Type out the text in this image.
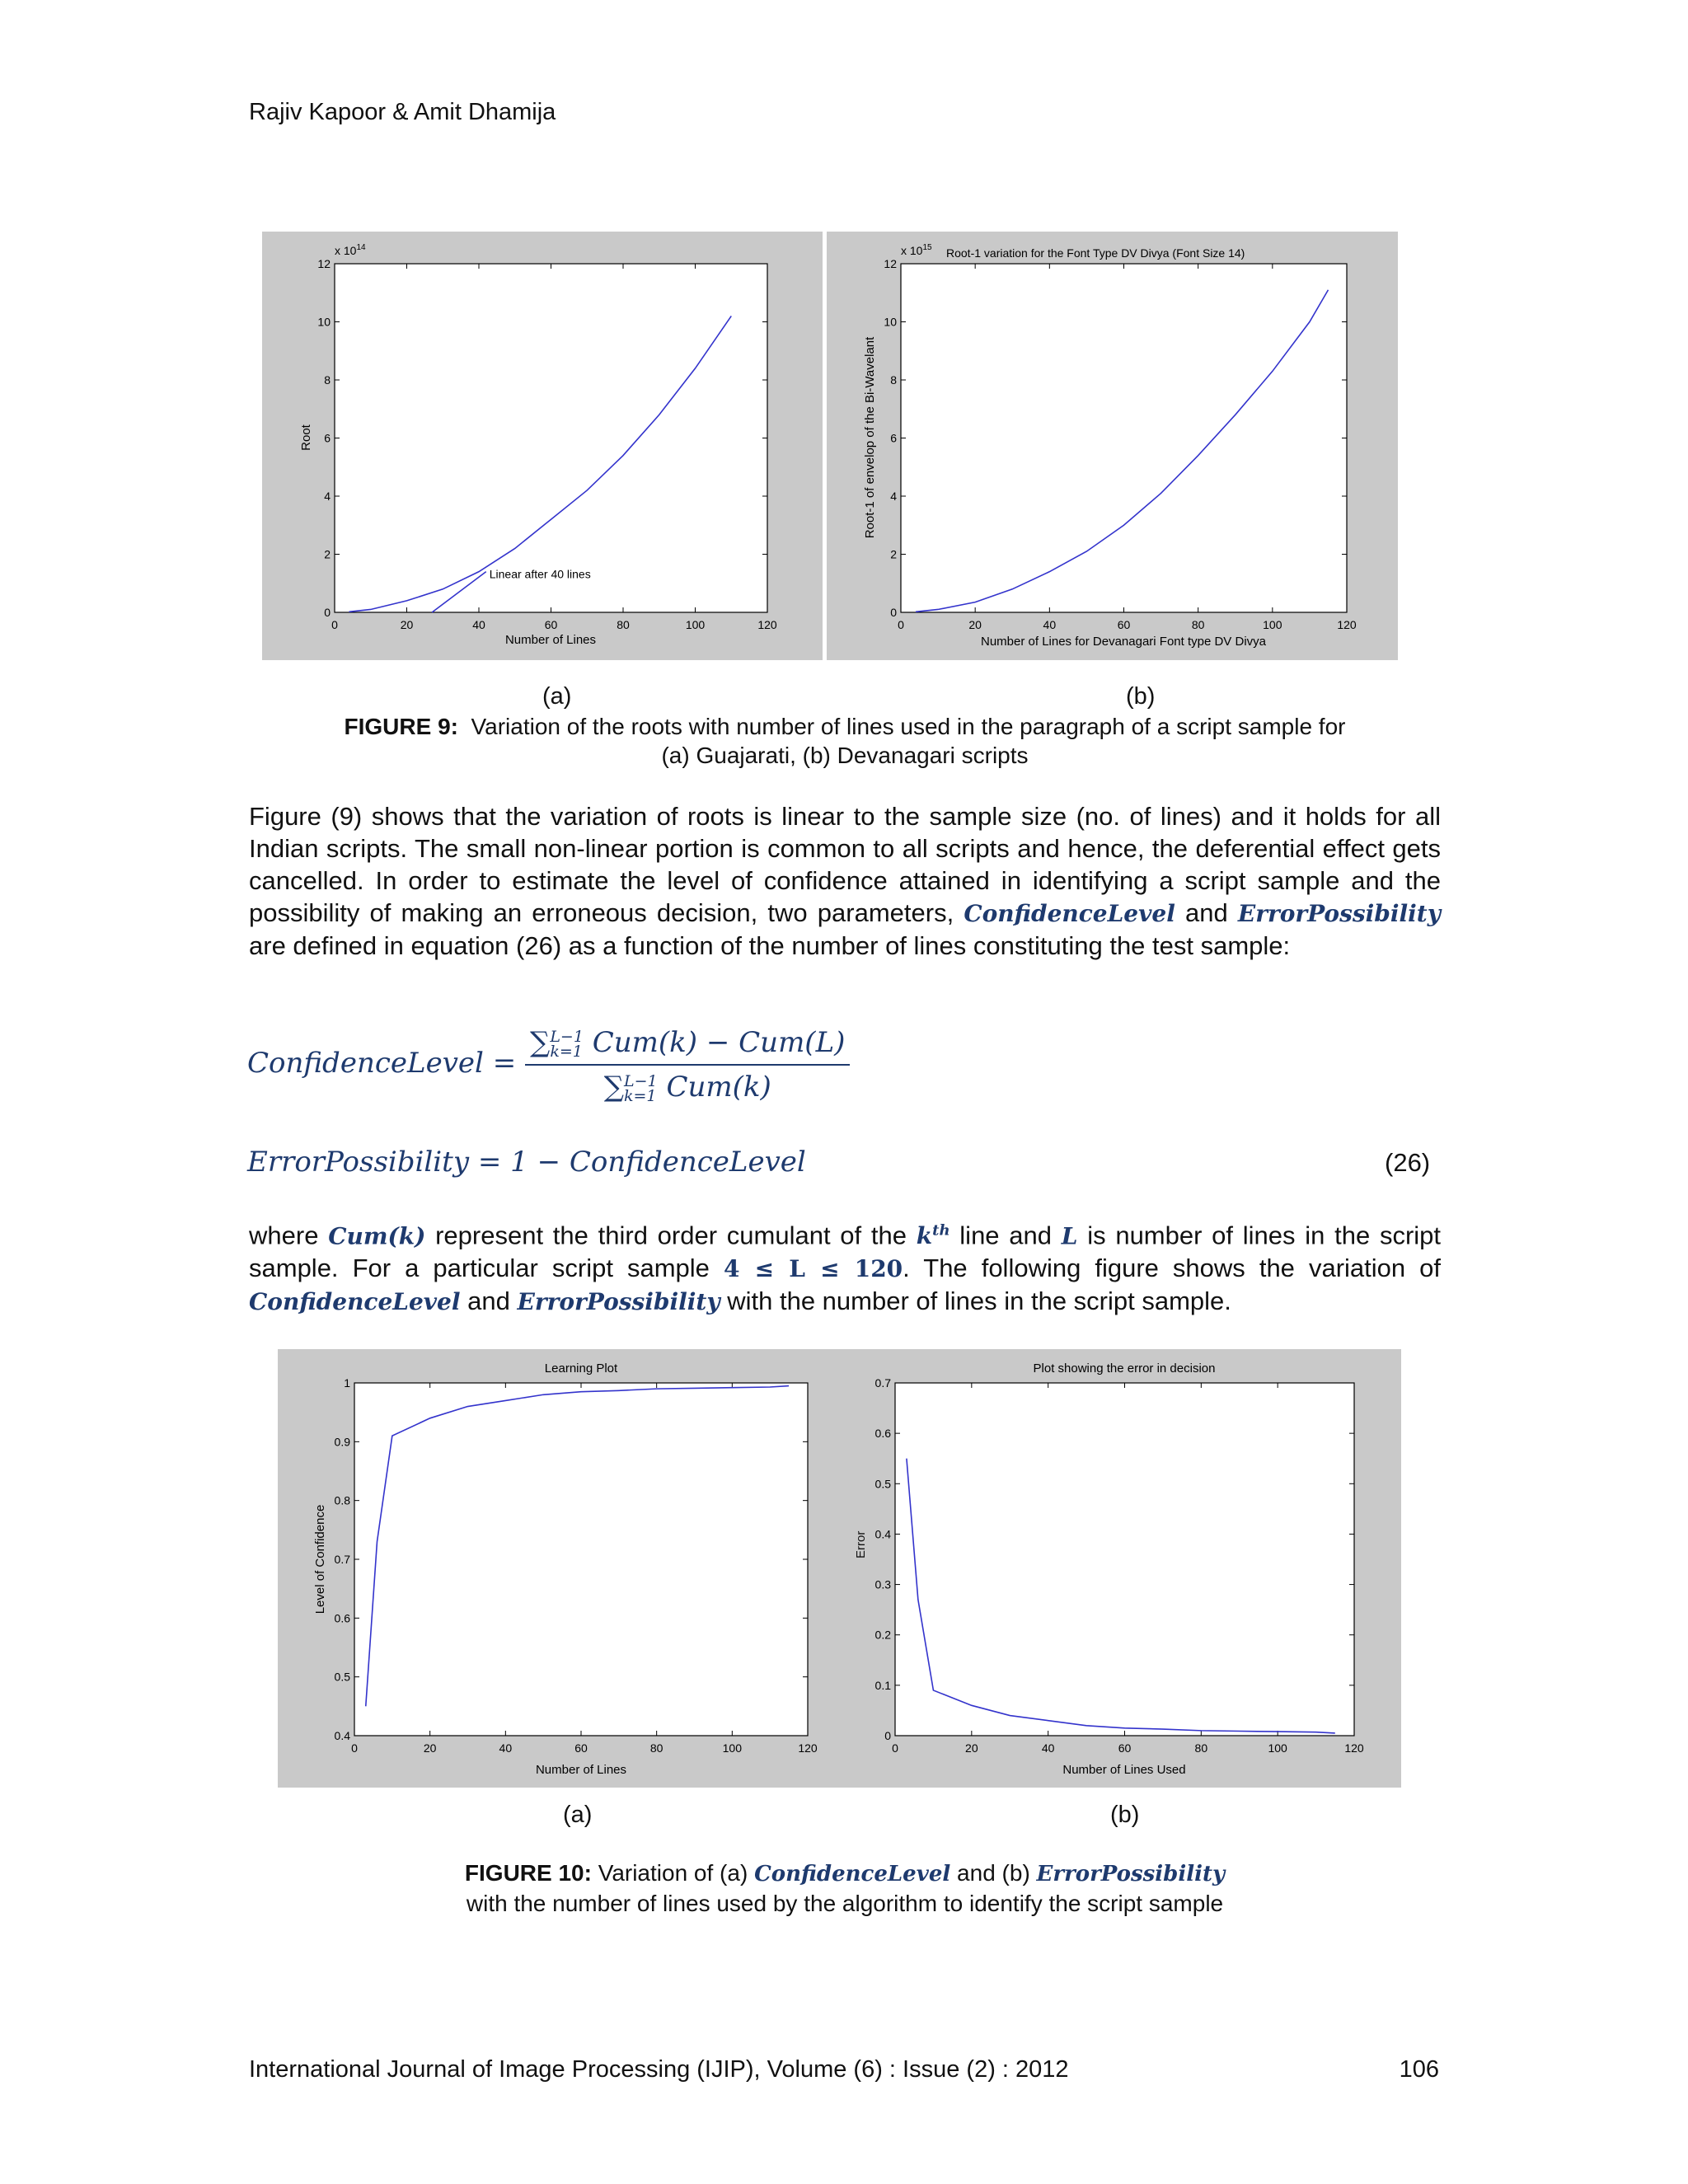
Rajiv Kapoor & Amit Dhamija
x $10^{14}$
0	20	40	60	80	100	120
0
2
4
6
8
10
12
Number of Lines
Root
Linear after 40 lines
x $10^{15}$ Root-1 variation for the Font Type DV Divya (Font Size 14)
0	20	40	60	80	100	120
0
2
4
6
8
10
12
Number of Lines for Devanagari Font type DV Divya
Root-1 of envelop of the Bi-Wavelant
(a)	(b)
FIGURE 9: Variation of the roots with number of lines used in the paragraph of a script sample for
(a) Guajarati, (b) Devanagari scripts
Figure (9) shows that the variation of roots is linear to the sample size (no. of lines) and it holds for all Indian scripts. The small non-linear portion is common to all scripts and hence, the deferential effect gets cancelled. In order to estimate the level of confidence attained in identifying a script sample and the possibility of making an erroneous decision, two parameters, ConfidenceLevel and ErrorPossibility are defined in equation (26) as a function of the number of lines constituting the test sample:
ConfidenceLevel = ∑ L−1
k=1 Cum(k) − Cum(L)
∑ L−1
k=1 Cum(k)
ErrorPossibility = 1 − ConfidenceLevel	(26)
where Cum(k) represent the third order cumulant of the $k^{th}$ line and L is number of lines in the script sample. For a particular script sample 4 ≤ L ≤ 120. The following figure shows the variation of ConfidenceLevel and ErrorPossibility with the number of lines in the script sample.
Learning Plot
0	20	40	60	80	100	120
0.4
0.5
0.6
0.7
0.8
0.9
1
Number of Lines
Level of Confidence
Plot showing the error in decision
0	20	40	60	80	100	120
0
0.1
0.2
0.3
0.4
0.5
0.6
0.7
Number of Lines Used
Error
(a)	(b)
FIGURE 10: Variation of (a) ConfidenceLevel and (b) ErrorPossibility
with the number of lines used by the algorithm to identify the script sample
International Journal of Image Processing (IJIP), Volume (6) : Issue (2) : 2012	106
